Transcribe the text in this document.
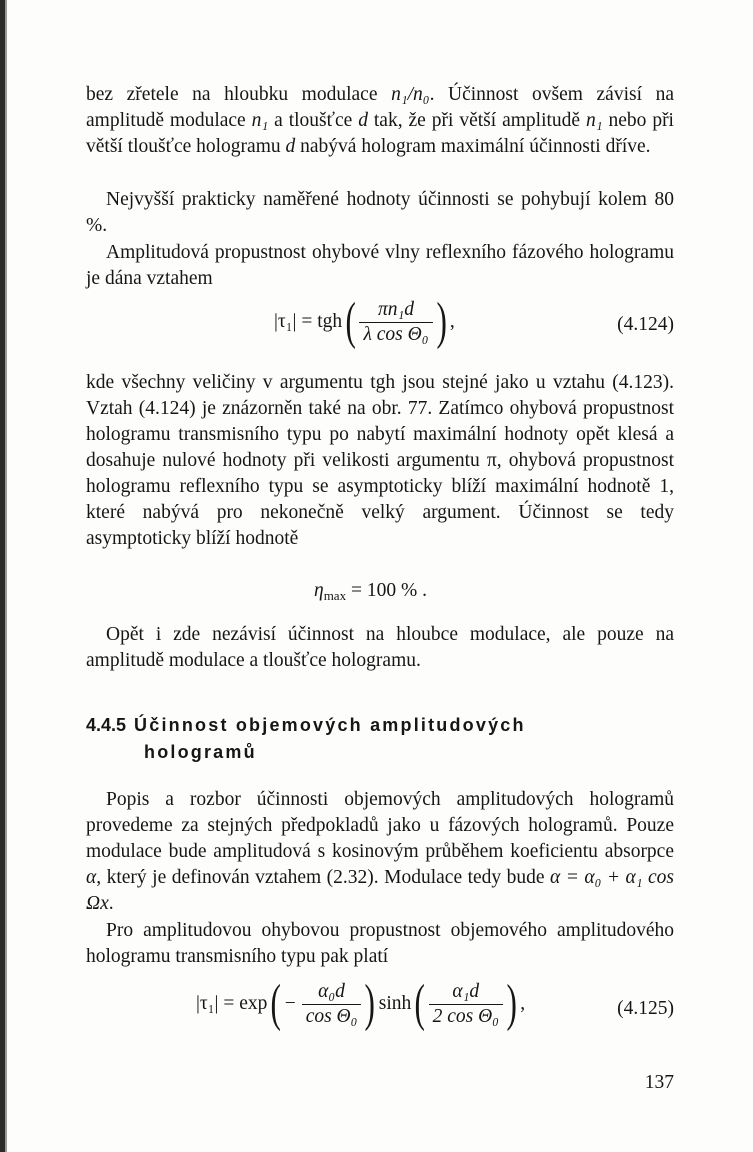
bez zřetele na hloubku modulace n₁/n₀. Účinnost ovšem závisí na amplitudě modulace n₁ a tloušťce d tak, že při větší amplitudě n₁ nebo při větší tloušťce hologramu d nabývá hologram maximální účinnosti dříve.

Nejvyšší prakticky naměřené hodnoty účinnosti se pohybují kolem 80 %.

Amplitudová propustnost ohybové vlny reflexního fázového hologramu je dána vztahem

$|\tau_1| = tgh( \frac{\text{πn₁d}}{\text{λ cos Θ₀}}$ ) ,	(4.124)

kde všechny veličiny v argumentu tgh jsou stejné jako u vztahu (4.123). Vztah (4.124) je znázorněn také na obr. 77. Zatímco ohybová propustnost hologramu transmisního typu po nabytí maximální hodnoty opět klesá a dosahuje nulové hodnoty při velikosti argumentu π, ohybová propustnost hologramu reflexního typu se asymptoticky blíží maximální hodnotě 1, které nabývá pro nekonečně velký argument. Účinnost se tedy asymptoticky blíží hodnotě

$\eta_{max} = 100$ % .

Opět i zde nezávisí účinnost na hloubce modulace, ale pouze na amplitudě modulace a tloušťce hologramu.

4.4.5 Účinnost objemových amplitudových
hologramů

Popis a rozbor účinnosti objemových amplitudových hologramů provedeme za stejných předpokladů jako u fázových hologramů. Pouze modulace bude amplitudová s kosinovým průběhem koeficientu absorpce α, který je definován vztahem (2.32). Modulace tedy bude α = α₀ + α₁ cos Ωx.

Pro amplitudovou ohybovou propustnost objemového amplitudového hologramu transmisního typu pak platí

$|\tau_1| = \exp( - \frac{\text{α₀d}}{\text{cos Θ₀}}$ ) $\sinh( \frac{\text{α₁d}}{\text{2 cos Θ₀}}$ ) ,	(4.125)
137
